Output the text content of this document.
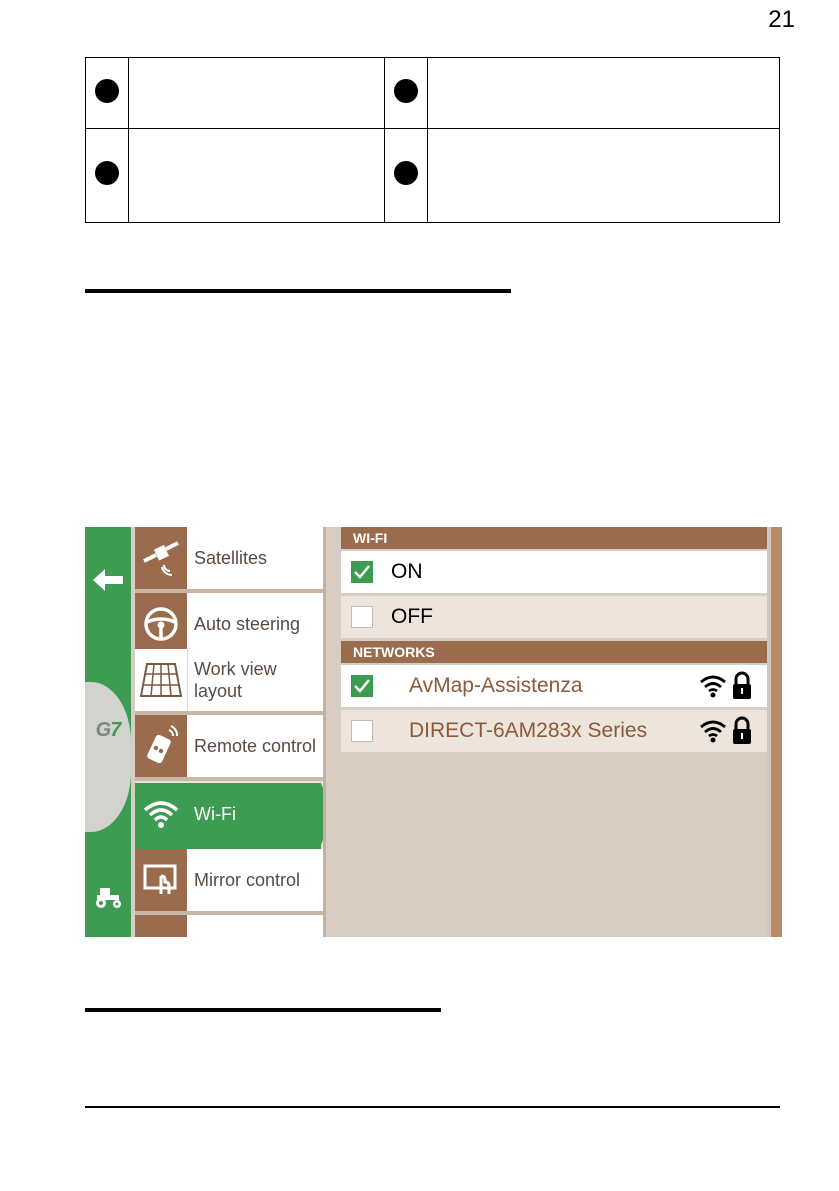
21

G7
Satellites
Auto steering
Work view layout
Remote control
Wi-Fi
Mirror control
WI-FI
ON
OFF
NETWORKS
AvMap-Assistenza
DIRECT-6AM283x Series
